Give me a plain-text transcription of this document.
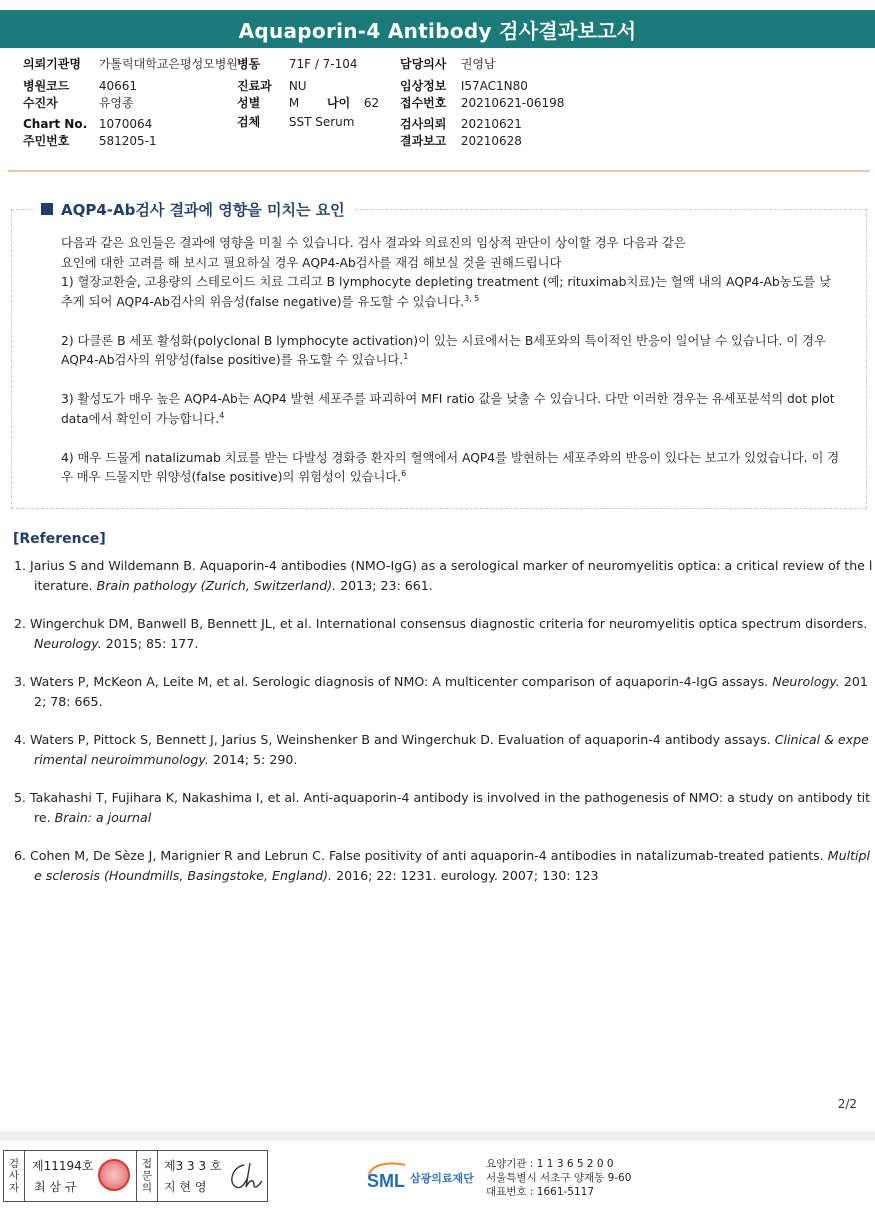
Aquaporin-4 Antibody 검사결과보고서
의뢰기관명 가톨릭대학교은평성모병원
병원코드 40661
수진자	유영종
Chart No. 1070064
주민번호 581205-1
병동 71F / 7-104
진료과 NU
성별 M 나이 62
검체 SST Serum
담당의사 권영남
임상정보 I57AC1N80
접수번호 20210621-06198
검사의뢰 20210621
결과보고 20210628
AQP4-Ab검사 결과에 영향을 미치는 요인

다음과 같은 요인들은 결과에 영향을 미칠 수 있습니다. 검사 결과와 의료진의 임상적 판단이 상이할 경우 다음과 같은

요인에 대한 고려를 해 보시고 필요하실 경우 AQP4-Ab검사를 재검 해보실 것을 권해드립니다

1) 혈장교환술, 고용량의 스테로이드 치료 그리고 B lymphocyte depleting treatment (예; rituximab치료)는 혈액 내의 AQP4-Ab농도를 낮추게 되어 AQP4-Ab검사의 위음성(false negative)를 유도할 수 있습니다.$^{3, 5}$

2) 다클론 B 세포 활성화(polyclonal B lymphocyte activation)이 있는 시료에서는 B세포와의 특이적인 반응이 일어날 수 있습니다. 이 경우 AQP4-Ab검사의 위양성(false positive)를 유도할 수 있습니다.$^1$

3) 활성도가 매우 높은 AQP4-Ab는 AQP4 발현 세포주를 파괴하여 MFI ratio 값을 낮출 수 있습니다. 다만 이러한 경우는 유세포분석의 dot plot data에서 확인이 가능합니다.$^4$

4) 매우 드물게 natalizumab 치료를 받는 다발성 경화증 환자의 혈액에서 AQP4를 발현하는 세포주와의 반응이 있다는 보고가 있었습니다. 이 경우 매우 드물지만 위양성(false positive)의 위험성이 있습니다.$^6$

[Reference]
1. Jarius S and Wildemann B. Aquaporin-4 antibodies (NMO-IgG) as a serological marker of neuromyelitis optica: a critical review of the literature. Brain pathology (Zurich, Switzerland). 2013; 23: 661.
2. Wingerchuk DM, Banwell B, Bennett JL, et al. International consensus diagnostic criteria for neuromyelitis optica spectrum disorders. Neurology. 2015; 85: 177.
3. Waters P, McKeon A, Leite M, et al. Serologic diagnosis of NMO: A multicenter comparison of aquaporin-4-IgG assays. Neurology. 2012; 78: 665.
4. Waters P, Pittock S, Bennett J, Jarius S, Weinshenker B and Wingerchuk D. Evaluation of aquaporin-4 antibody assays. Clinical & experimental neuroimmunology. 2014; 5: 290.
5. Takahashi T, Fujihara K, Nakashima I, et al. Anti-aquaporin-4 antibody is involved in the pathogenesis of NMO: a study on antibody titre. Brain: a journal
6. Cohen M, De Sèze J, Marignier R and Lebrun C. False positivity of anti aquaporin-4 antibodies in natalizumab-treated patients. Multiple sclerosis (Houndmills, Basingstoke, England). 2016; 22: 1231. eurology. 2007; 130: 123
2/2
검
사
자
제11194호
최 삼 규
접
문
의
제3 3 3 호
지 현 영	SML 삼광의료재단
요양기관 : 1 1 3 6 5 2 0 0
서울특별시 서초구 양재동 9-60
대표번호 : 1661-5117
